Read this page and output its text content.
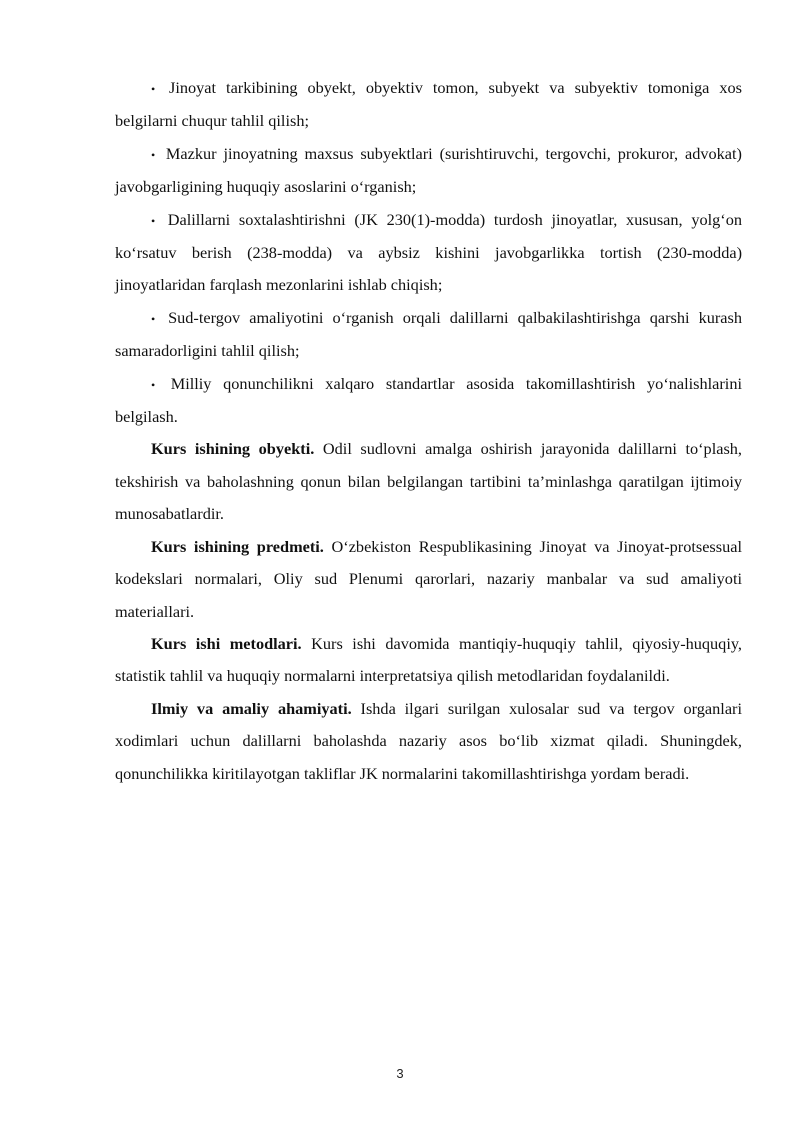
• Jinoyat tarkibining obyekt, obyektiv tomon, subyekt va subyektiv tomoniga xos belgilarni chuqur tahlil qilish;

• Mazkur jinoyatning maxsus subyektlari (surishtiruvchi, tergovchi, prokuror, advokat) javobgarligining huquqiy asoslarini o‘rganish;

• Dalillarni soxtalashtirishni (JK 230(1)-modda) turdosh jinoyatlar, xususan, yolg‘on ko‘rsatuv berish (238-modda) va aybsiz kishini javobgarlikka tortish (230-modda) jinoyatlaridan farqlash mezonlarini ishlab chiqish;

• Sud-tergov amaliyotini o‘rganish orqali dalillarni qalbakilashtirishga qarshi kurash samaradorligini tahlil qilish;

• Milliy qonunchilikni xalqaro standartlar asosida takomillashtirish yo‘nalishlarini belgilash.

Kurs ishining obyekti. Odil sudlovni amalga oshirish jarayonida dalillarni to‘plash, tekshirish va baholashning qonun bilan belgilangan tartibini ta’minlashga qaratilgan ijtimoiy munosabatlardir.

Kurs ishining predmeti. O‘zbekiston Respublikasining Jinoyat va Jinoyat-protsessual kodekslari normalari, Oliy sud Plenumi qarorlari, nazariy manbalar va sud amaliyoti materiallari.

Kurs ishi metodlari. Kurs ishi davomida mantiqiy-huquqiy tahlil, qiyosiy-huquqiy, statistik tahlil va huquqiy normalarni interpretatsiya qilish metodlaridan foydalanildi.

Ilmiy va amaliy ahamiyati. Ishda ilgari surilgan xulosalar sud va tergov organlari xodimlari uchun dalillarni baholashda nazariy asos bo‘lib xizmat qiladi. Shuningdek, qonunchilikka kiritilayotgan takliflar JK normalarini takomillashtirishga yordam beradi.

3
